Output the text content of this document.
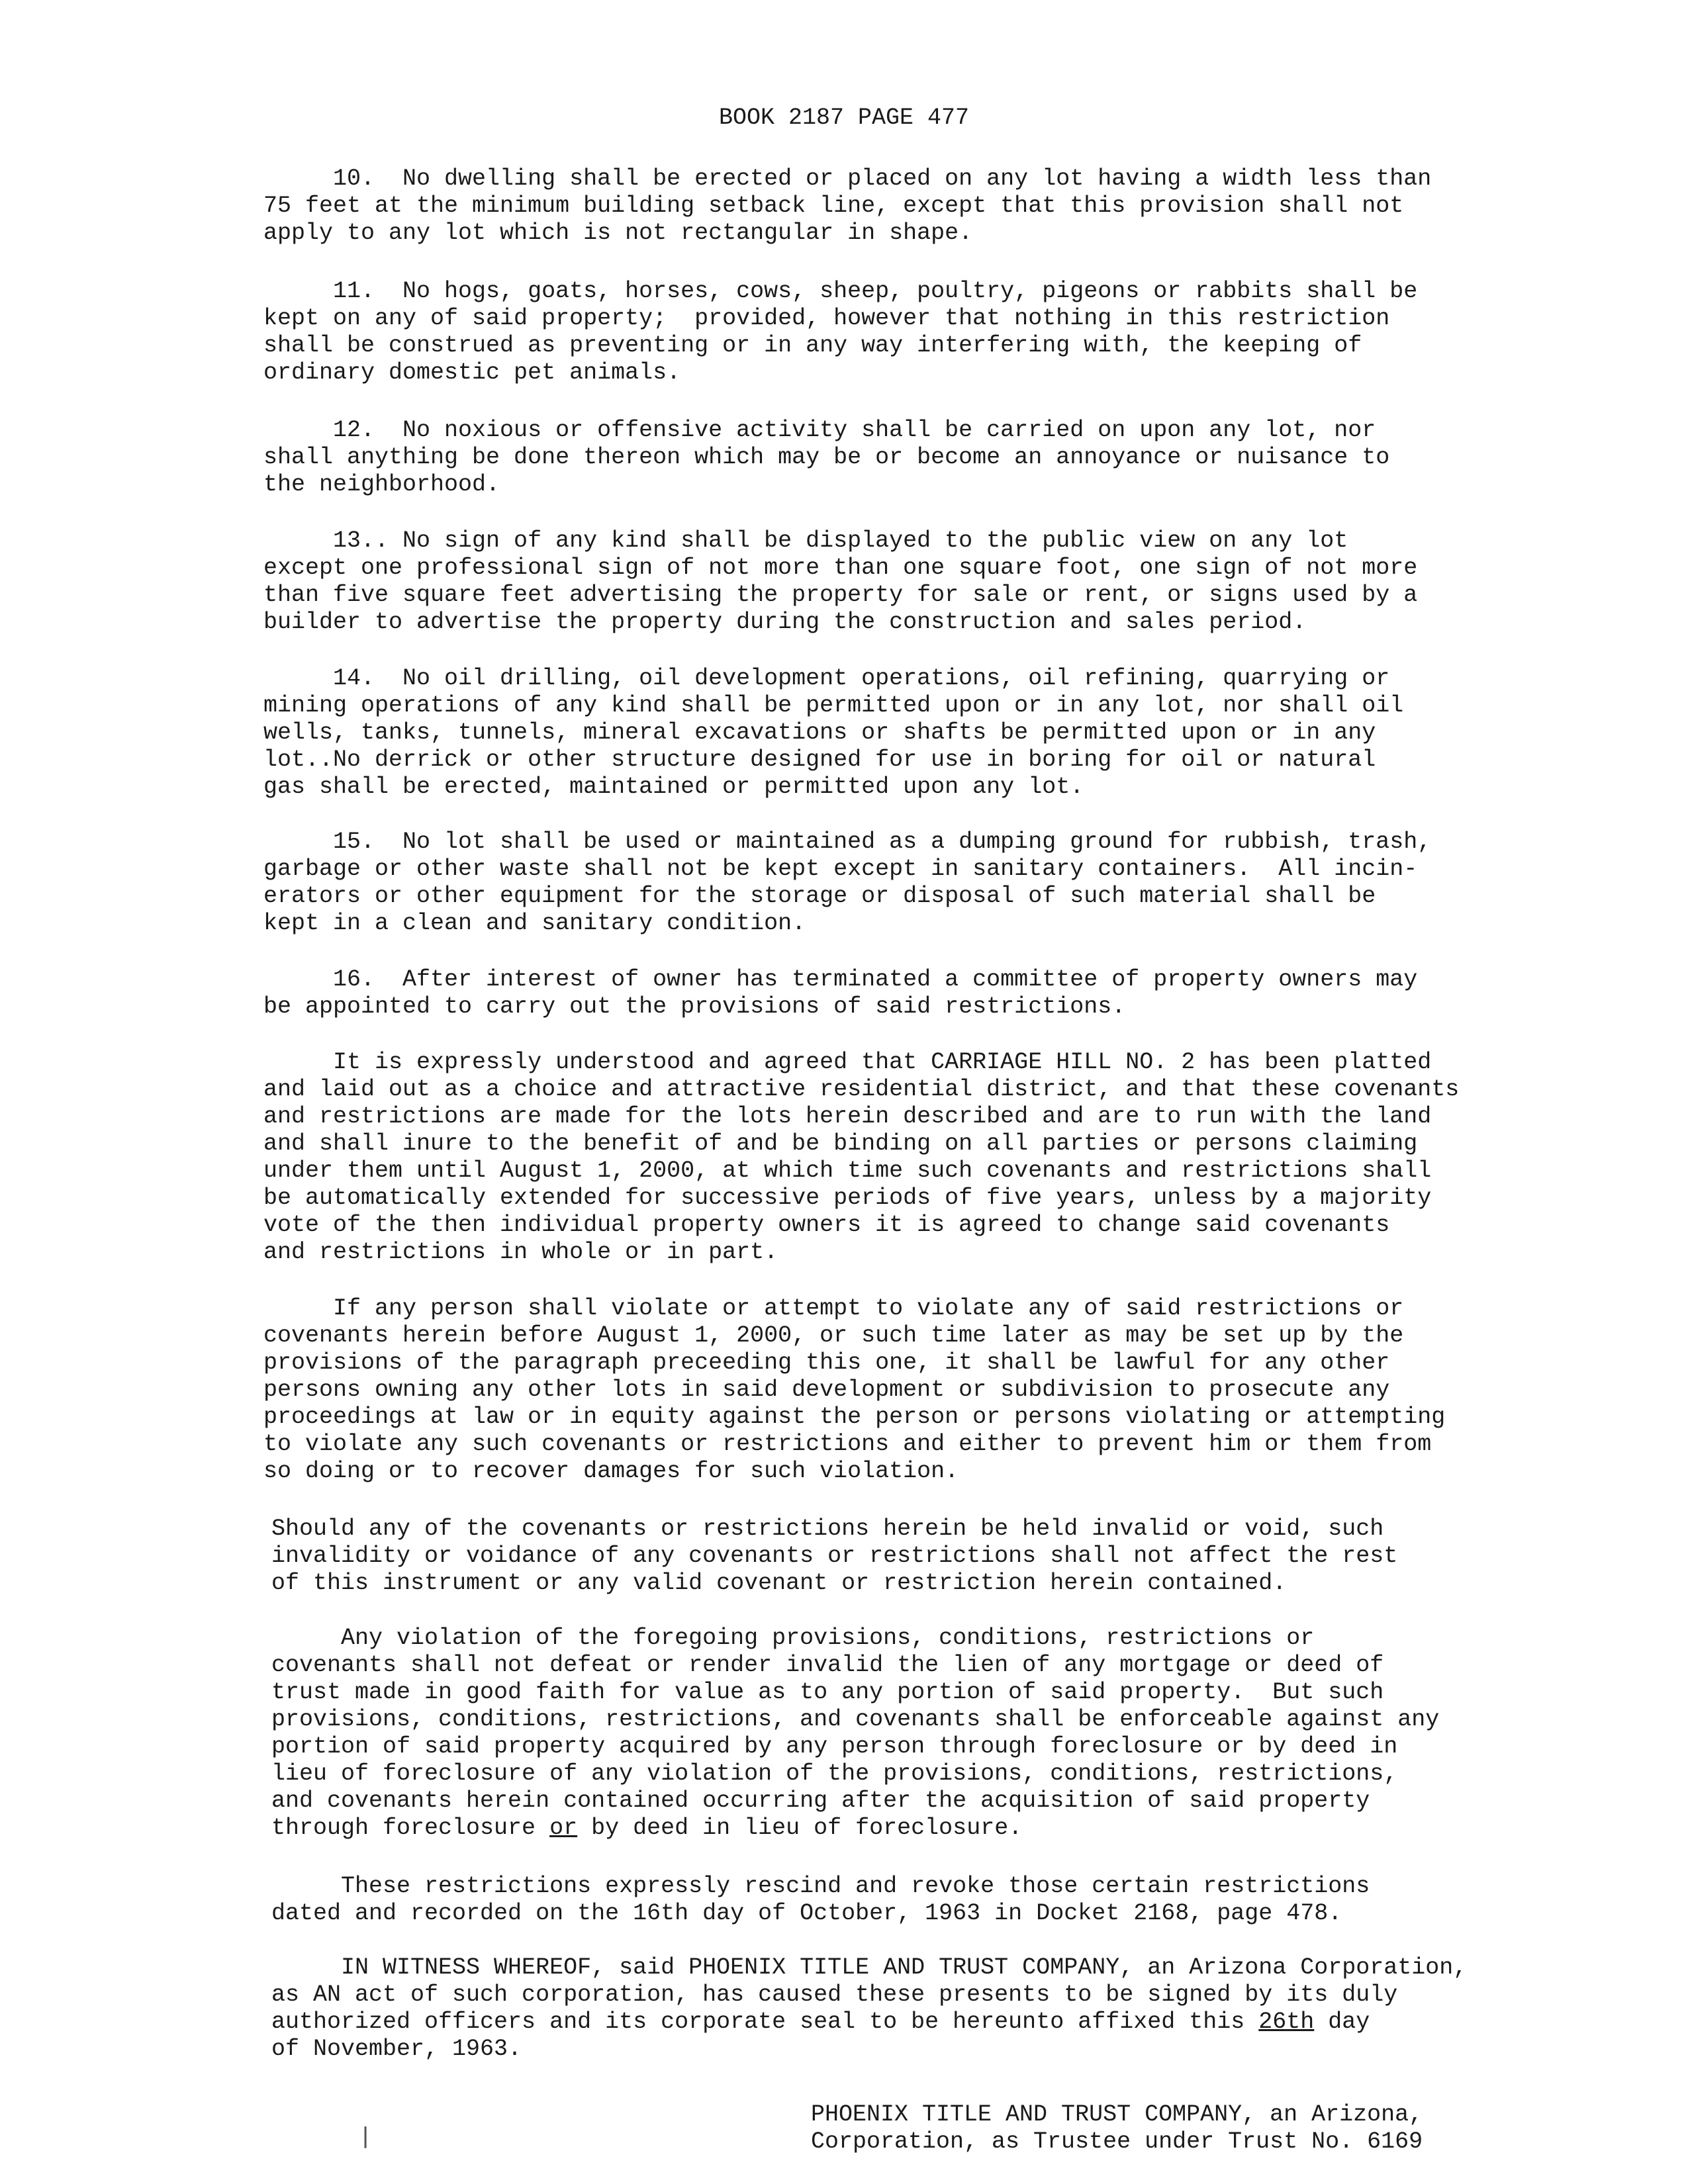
BOOK 2187 PAGE 477

10.  No dwelling shall be erected or placed on any lot having a width less than
75 feet at the minimum building setback line, except that this provision shall not
apply to any lot which is not rectangular in shape.

11.  No hogs, goats, horses, cows, sheep, poultry, pigeons or rabbits shall be
kept on any of said property;  provided, however that nothing in this restriction
shall be construed as preventing or in any way interfering with, the keeping of
ordinary domestic pet animals.

12.  No noxious or offensive activity shall be carried on upon any lot, nor
shall anything be done thereon which may be or become an annoyance or nuisance to
the neighborhood.

13.. No sign of any kind shall be displayed to the public view on any lot
except one professional sign of not more than one square foot, one sign of not more
than five square feet advertising the property for sale or rent, or signs used by a
builder to advertise the property during the construction and sales period.

14.  No oil drilling, oil development operations, oil refining, quarrying or
mining operations of any kind shall be permitted upon or in any lot, nor shall oil
wells, tanks, tunnels, mineral excavations or shafts be permitted upon or in any
lot..No derrick or other structure designed for use in boring for oil or natural
gas shall be erected, maintained or permitted upon any lot.

15.  No lot shall be used or maintained as a dumping ground for rubbish, trash,
garbage or other waste shall not be kept except in sanitary containers.  All incin-
erators or other equipment for the storage or disposal of such material shall be
kept in a clean and sanitary condition.

16.  After interest of owner has terminated a committee of property owners may
be appointed to carry out the provisions of said restrictions.

It is expressly understood and agreed that CARRIAGE HILL NO. 2 has been platted
and laid out as a choice and attractive residential district, and that these covenants
and restrictions are made for the lots herein described and are to run with the land
and shall inure to the benefit of and be binding on all parties or persons claiming
under them until August 1, 2000, at which time such covenants and restrictions shall
be automatically extended for successive periods of five years, unless by a majority
vote of the then individual property owners it is agreed to change said covenants
and restrictions in whole or in part.

If any person shall violate or attempt to violate any of said restrictions or
covenants herein before August 1, 2000, or such time later as may be set up by the
provisions of the paragraph preceeding this one, it shall be lawful for any other
persons owning any other lots in said development or subdivision to prosecute any
proceedings at law or in equity against the person or persons violating or attempting
to violate any such covenants or restrictions and either to prevent him or them from
so doing or to recover damages for such violation.

Should any of the covenants or restrictions herein be held invalid or void, such
invalidity or voidance of any covenants or restrictions shall not affect the rest
of this instrument or any valid covenant or restriction herein contained.

Any violation of the foregoing provisions, conditions, restrictions or
covenants shall not defeat or render invalid the lien of any mortgage or deed of
trust made in good faith for value as to any portion of said property.  But such
provisions, conditions, restrictions, and covenants shall be enforceable against any
portion of said property acquired by any person through foreclosure or by deed in
lieu of foreclosure of any violation of the provisions, conditions, restrictions,
and covenants herein contained occurring after the acquisition of said property
through foreclosure or by deed in lieu of foreclosure.

These restrictions expressly rescind and revoke those certain restrictions
dated and recorded on the 16th day of October, 1963 in Docket 2168, page 478.

IN WITNESS WHEREOF, said PHOENIX TITLE AND TRUST COMPANY, an Arizona Corporation,
as AN act of such corporation, has caused these presents to be signed by its duly
authorized officers and its corporate seal to be hereunto affixed this 26th day
of November, 1963.

PHOENIX TITLE AND TRUST COMPANY, an Arizona,
Corporation, as Trustee under Trust No. 6169

❘
